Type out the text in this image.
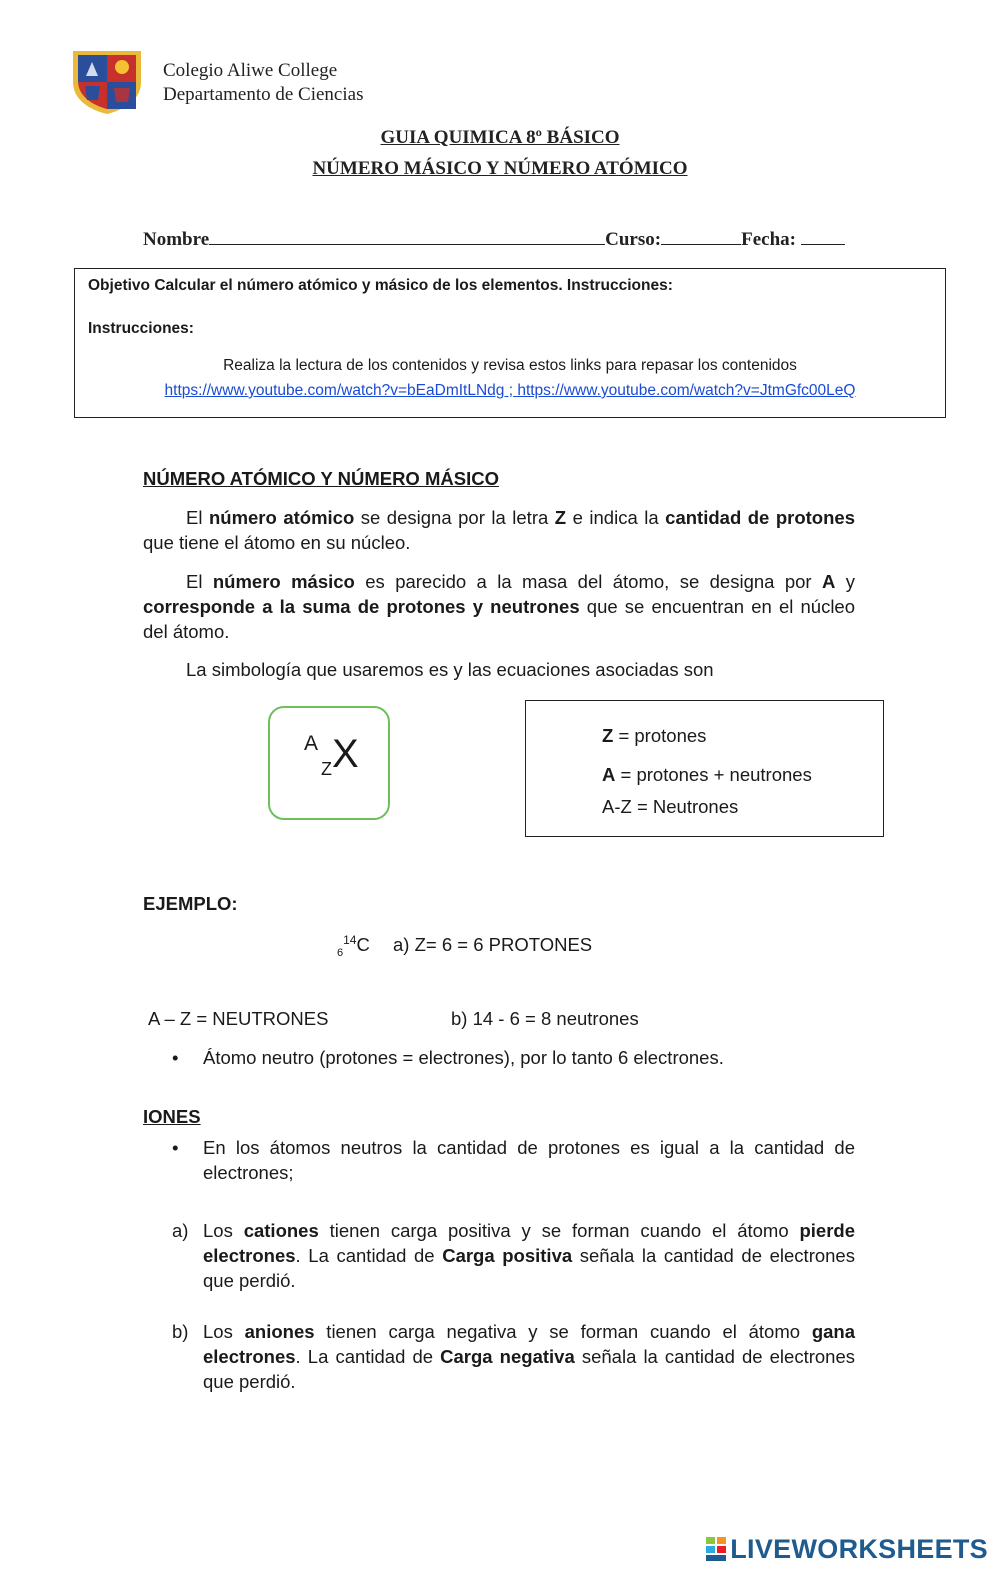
Colegio Aliwe College
Departamento de Ciencias
GUIA QUIMICA 8º BÁSICO
NÚMERO MÁSICO Y NÚMERO ATÓMICO
Nombre	Curso:	Fecha:
Objetivo Calcular el número atómico y másico de los elementos. Instrucciones:
Instrucciones:
Realiza la lectura de los contenidos y revisa estos links para repasar los contenidos
https://www.youtube.com/watch?v=bEaDmItLNdg ; https://www.youtube.com/watch?v=JtmGfc00LeQ
NÚMERO ATÓMICO Y NÚMERO MÁSICO
El número atómico se designa por la letra Z e indica la cantidad de protones que tiene el átomo en su núcleo.
El número másico es parecido a la masa del átomo, se designa por A y corresponde a la suma de protones y neutrones que se encuentran en el núcleo del átomo.
La simbología que usaremos es y las ecuaciones asociadas son
A
Z X	Z = protones
A = protones + neutrones
A-Z = Neutrones
EJEMPLO:
$_6^{14}$C a) Z= 6 = 6 PROTONES
A – Z = NEUTRONES	b) 14 - 6 = 8 neutrones
• Átomo neutro (protones = electrones), por lo tanto 6 electrones.
IONES
• En los átomos neutros la cantidad de protones es igual a la cantidad de electrones;
a) Los cationes tienen carga positiva y se forman cuando el átomo pierde electrones. La cantidad de Carga positiva señala la cantidad de electrones que perdió.
b) Los aniones tienen carga negativa y se forman cuando el átomo gana electrones. La cantidad de Carga negativa señala la cantidad de electrones que perdió.
LIVEWORKSHEETS
